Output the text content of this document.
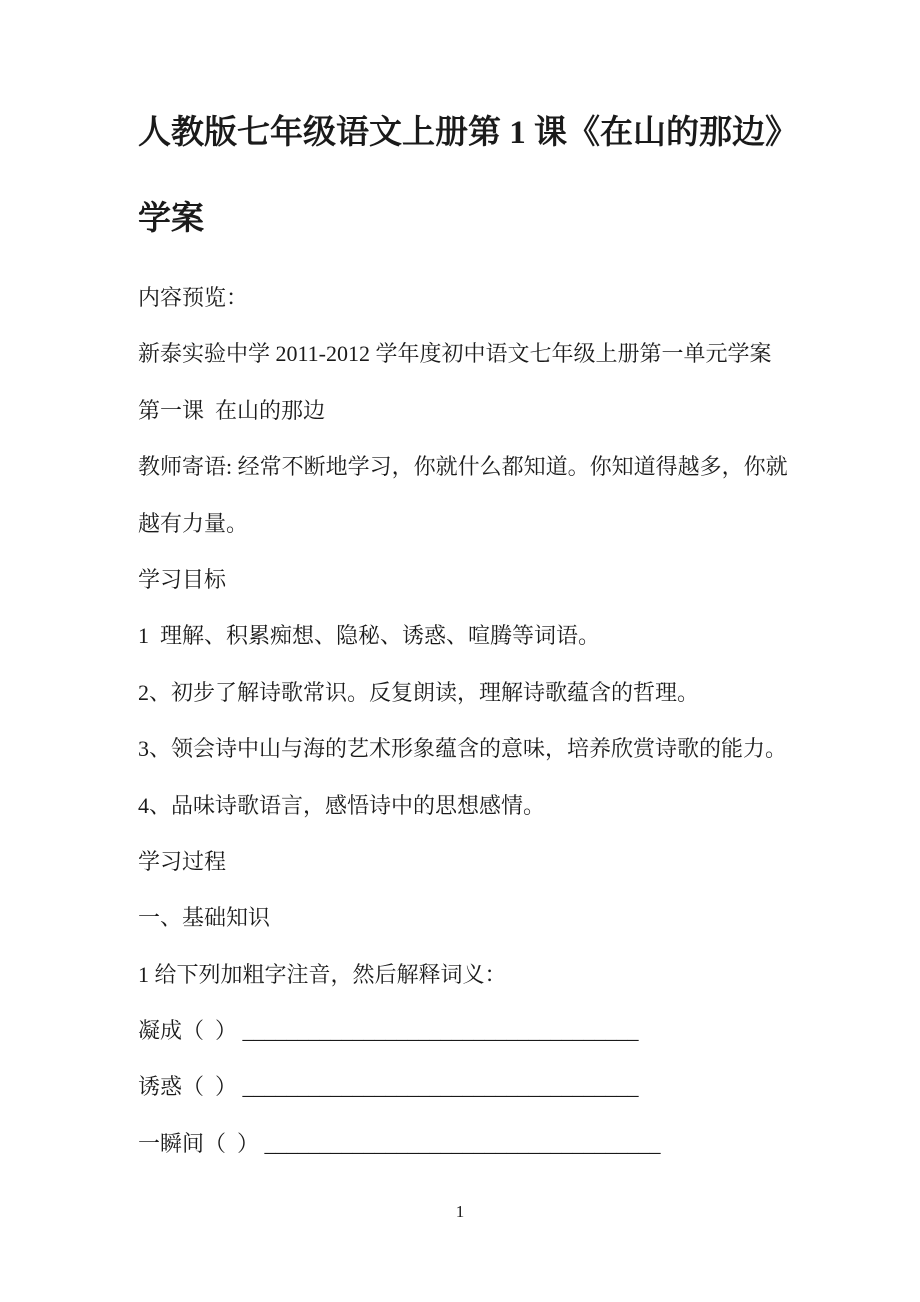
人教版七年级语文上册第 1 课《在山的那边》

学案

内容预览：

新泰实验中学 2011-2012 学年度初中语文七年级上册第一单元学案

第一课  在山的那边

教师寄语: 经常不断地学习，你就什么都知道。你知道得越多，你就

越有力量。

学习目标

1  理解、积累痴想、隐秘、诱惑、喧腾等词语。

2、初步了解诗歌常识。反复朗读，理解诗歌蕴含的哲理。

3、领会诗中山与海的艺术形象蕴含的意味，培养欣赏诗歌的能力。

4、品味诗歌语言，感悟诗中的思想感情。

学习过程

一、基础知识

1 给下列加粗字注音，然后解释词义：

凝成（  ） ____________________________________

诱惑（  ） ____________________________________

一瞬间（  ） ____________________________________

1
